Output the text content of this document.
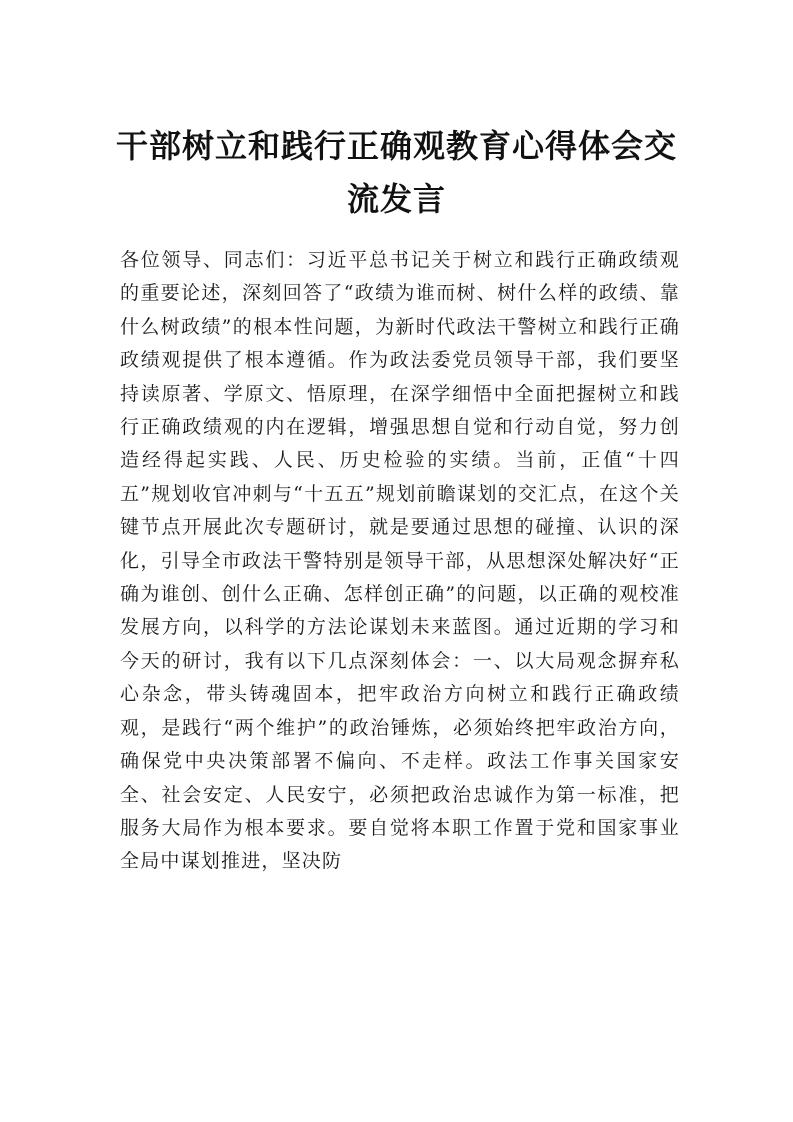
干部树立和践行正确观教育心得体会交流发言

各位领导、同志们：习近平总书记关于树立和践行正确政绩观的重要论述，深刻回答了“政绩为谁而树、树什么样的政绩、靠什么树政绩”的根本性问题，为新时代政法干警树立和践行正确政绩观提供了根本遵循。作为政法委党员领导干部，我们要坚持读原著、学原文、悟原理，在深学细悟中全面把握树立和践行正确政绩观的内在逻辑，增强思想自觉和行动自觉，努力创造经得起实践、人民、历史检验的实绩。当前，正值“十四五”规划收官冲刺与“十五五”规划前瞻谋划的交汇点，在这个关键节点开展此次专题研讨，就是要通过思想的碰撞、认识的深化，引导全市政法干警特别是领导干部，从思想深处解决好“正确为谁创、创什么正确、怎样创正确”的问题，以正确的观校准发展方向，以科学的方法论谋划未来蓝图。通过近期的学习和今天的研讨，我有以下几点深刻体会：一、以大局观念摒弃私心杂念，带头铸魂固本，把牢政治方向树立和践行正确政绩观，是践行“两个维护”的政治锤炼，必须始终把牢政治方向，确保党中央决策部署不偏向、不走样。政法工作事关国家安全、社会安定、人民安宁，必须把政治忠诚作为第一标准，把服务大局作为根本要求。要自觉将本职工作置于党和国家事业全局中谋划推进，坚决防
